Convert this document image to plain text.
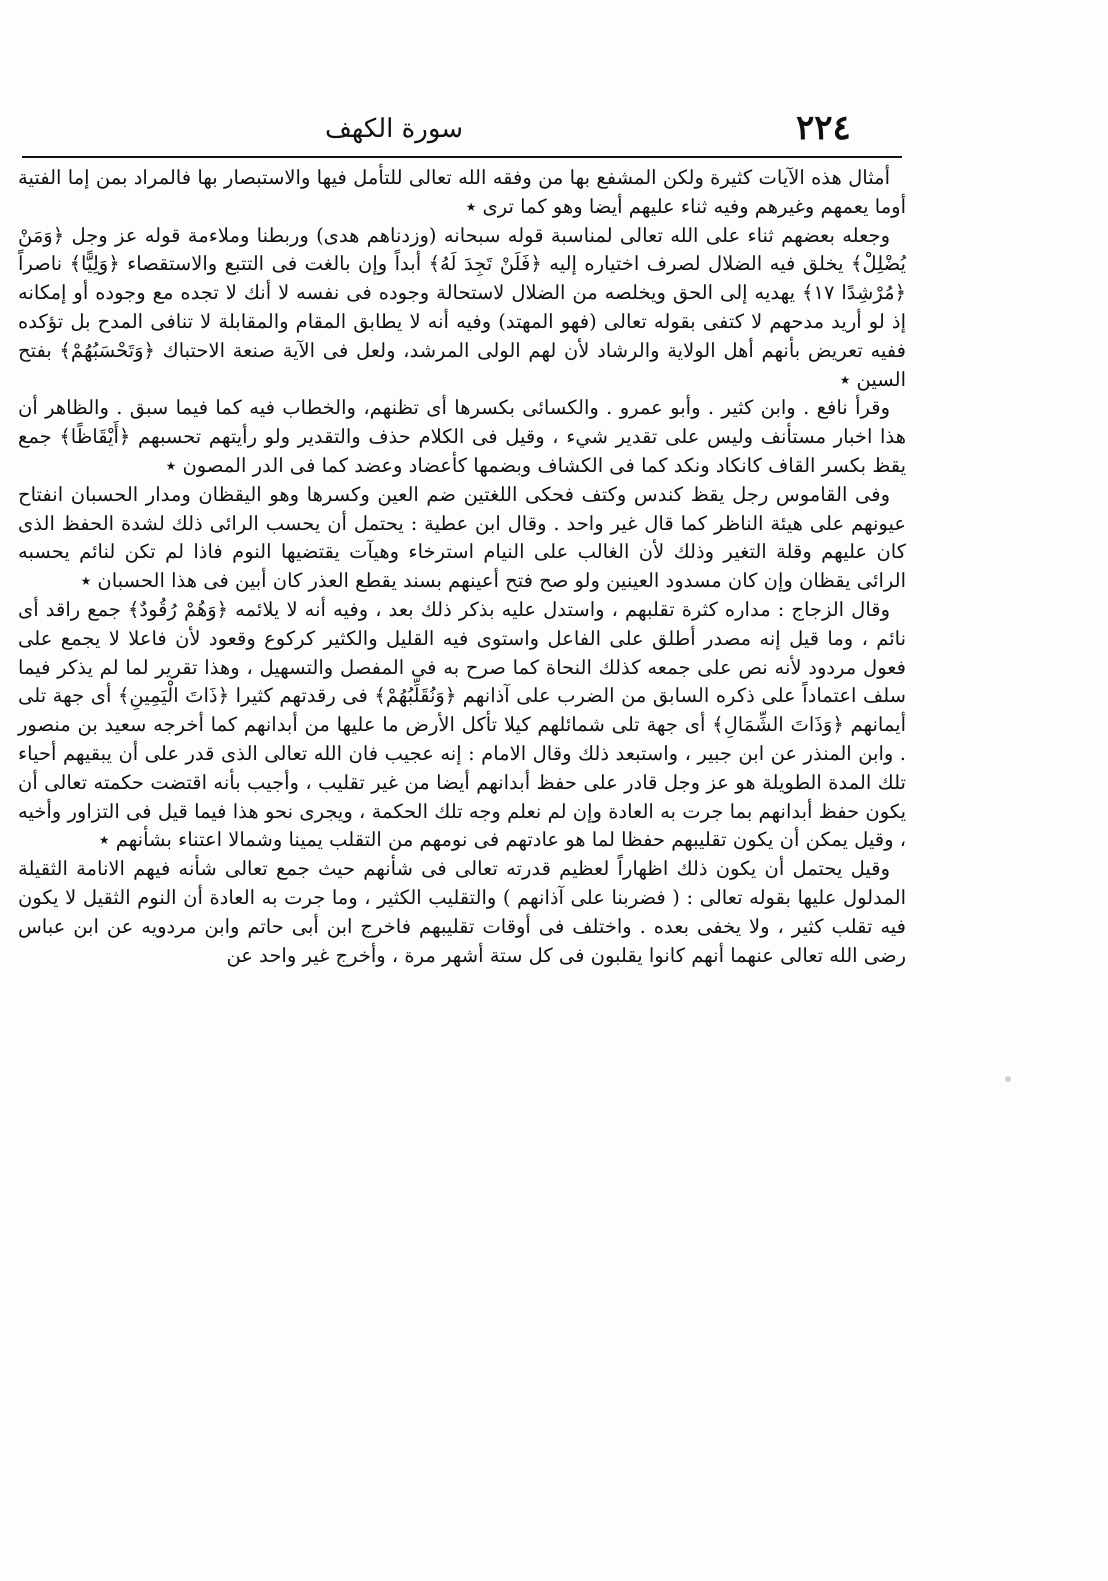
٢٢٤
سورة الكهف

أمثال هذه الآيات كثيرة ولكن المشفع بها من وفقه الله تعالى للتأمل فيها والاستبصار بها فالمراد بمن إما الفتية أوما يعمهم وغيرهم وفيه ثناء عليهم أيضا وهو كما ترى ٭

وجعله بعضهم ثناء على الله تعالى لمناسبة قوله سبحانه (وزدناهم هدى) وربطنا وملاءمة قوله عز وجل ﴿وَمَنْ يُضْلِلْ﴾ يخلق فيه الضلال لصرف اختياره إليه ﴿فَلَنْ تَجِدَ لَهُ﴾ أبداً وإن بالغت فى التتبع والاستقصاء ﴿وَلِيًّا﴾ ناصراً ﴿مُرْشِدًا ١٧﴾ يهديه إلى الحق ويخلصه من الضلال لاستحالة وجوده فى نفسه لا أنك لا تجده مع وجوده أو إمكانه إذ لو أريد مدحهم لا كتفى بقوله تعالى (فهو المهتد) وفيه أنه لا يطابق المقام والمقابلة لا تنافى المدح بل تؤكده ففيه تعريض بأنهم أهل الولاية والرشاد لأن لهم الولى المرشد، ولعل فى الآية صنعة الاحتباك ﴿وَتَحْسَبُهُمْ﴾ بفتح السين ٭

وقرأ نافع . وابن كثير . وأبو عمرو . والكسائى بكسرها أى تظنهم، والخطاب فيه كما فيما سبق . والظاهر أن هذا اخبار مستأنف وليس على تقدير شيء ، وقيل فى الكلام حذف والتقدير ولو رأيتهم تحسبهم ﴿أَيْقَاظًا﴾ جمع يقظ بكسر القاف كانكاد ونكد كما فى الكشاف وبضمها كأعضاد وعضد كما فى الدر المصون ٭

وفى القاموس رجل يقظ كندس وكتف فحكى اللغتين ضم العين وكسرها وهو اليقظان ومدار الحسبان انفتاح عيونهم على هيئة الناظر كما قال غير واحد . وقال ابن عطية : يحتمل أن يحسب الرائى ذلك لشدة الحفظ الذى كان عليهم وقلة التغير وذلك لأن الغالب على النيام استرخاء وهيآت يقتضيها النوم فاذا لم تكن لنائم يحسبه الرائى يقظان وإن كان مسدود العينين ولو صح فتح أعينهم بسند يقطع العذر كان أبين فى هذا الحسبان ٭

وقال الزجاج : مداره كثرة تقلبهم ، واستدل عليه بذكر ذلك بعد ، وفيه أنه لا يلائمه ﴿وَهُمْ رُقُودٌ﴾ جمع راقد أى نائم ، وما قيل إنه مصدر أطلق على الفاعل واستوى فيه القليل والكثير كركوع وقعود لأن فاعلا لا يجمع على فعول مردود لأنه نص على جمعه كذلك النحاة كما صرح به فى المفصل والتسهيل ، وهذا تقرير لما لم يذكر فيما سلف اعتماداً على ذكره السابق من الضرب على آذانهم ﴿وَنُقَلِّبُهُمْ﴾ فى رقدتهم كثيرا ﴿ذَاتَ الْيَمِينِ﴾ أى جهة تلى أيمانهم ﴿وَذَاتَ الشِّمَالِ﴾ أى جهة تلى شمائلهم كيلا تأكل الأرض ما عليها من أبدانهم كما أخرجه سعيد بن منصور . وابن المنذر عن ابن جبير ، واستبعد ذلك وقال الامام : إنه عجيب فان الله تعالى الذى قدر على أن يبقيهم أحياء تلك المدة الطويلة هو عز وجل قادر على حفظ أبدانهم أيضا من غير تقليب ، وأجيب بأنه اقتضت حكمته تعالى أن يكون حفظ أبدانهم بما جرت به العادة وإن لم نعلم وجه تلك الحكمة ، ويجرى نحو هذا فيما قيل فى التزاور وأخيه ، وقيل يمكن أن يكون تقليبهم حفظا لما هو عادتهم فى نومهم من التقلب يمينا وشمالا اعتناء بشأنهم ٭

وقيل يحتمل أن يكون ذلك اظهاراً لعظيم قدرته تعالى فى شأنهم حيث جمع تعالى شأنه فيهم الانامة الثقيلة المدلول عليها بقوله تعالى : ( فضربنا على آذانهم ) والتقليب الكثير ، وما جرت به العادة أن النوم الثقيل لا يكون فيه تقلب كثير ، ولا يخفى بعده . واختلف فى أوقات تقليبهم فاخرج ابن أبى حاتم وابن مردويه عن ابن عباس رضى الله تعالى عنهما أنهم كانوا يقلبون فى كل ستة أشهر مرة ، وأخرج غير واحد عن
